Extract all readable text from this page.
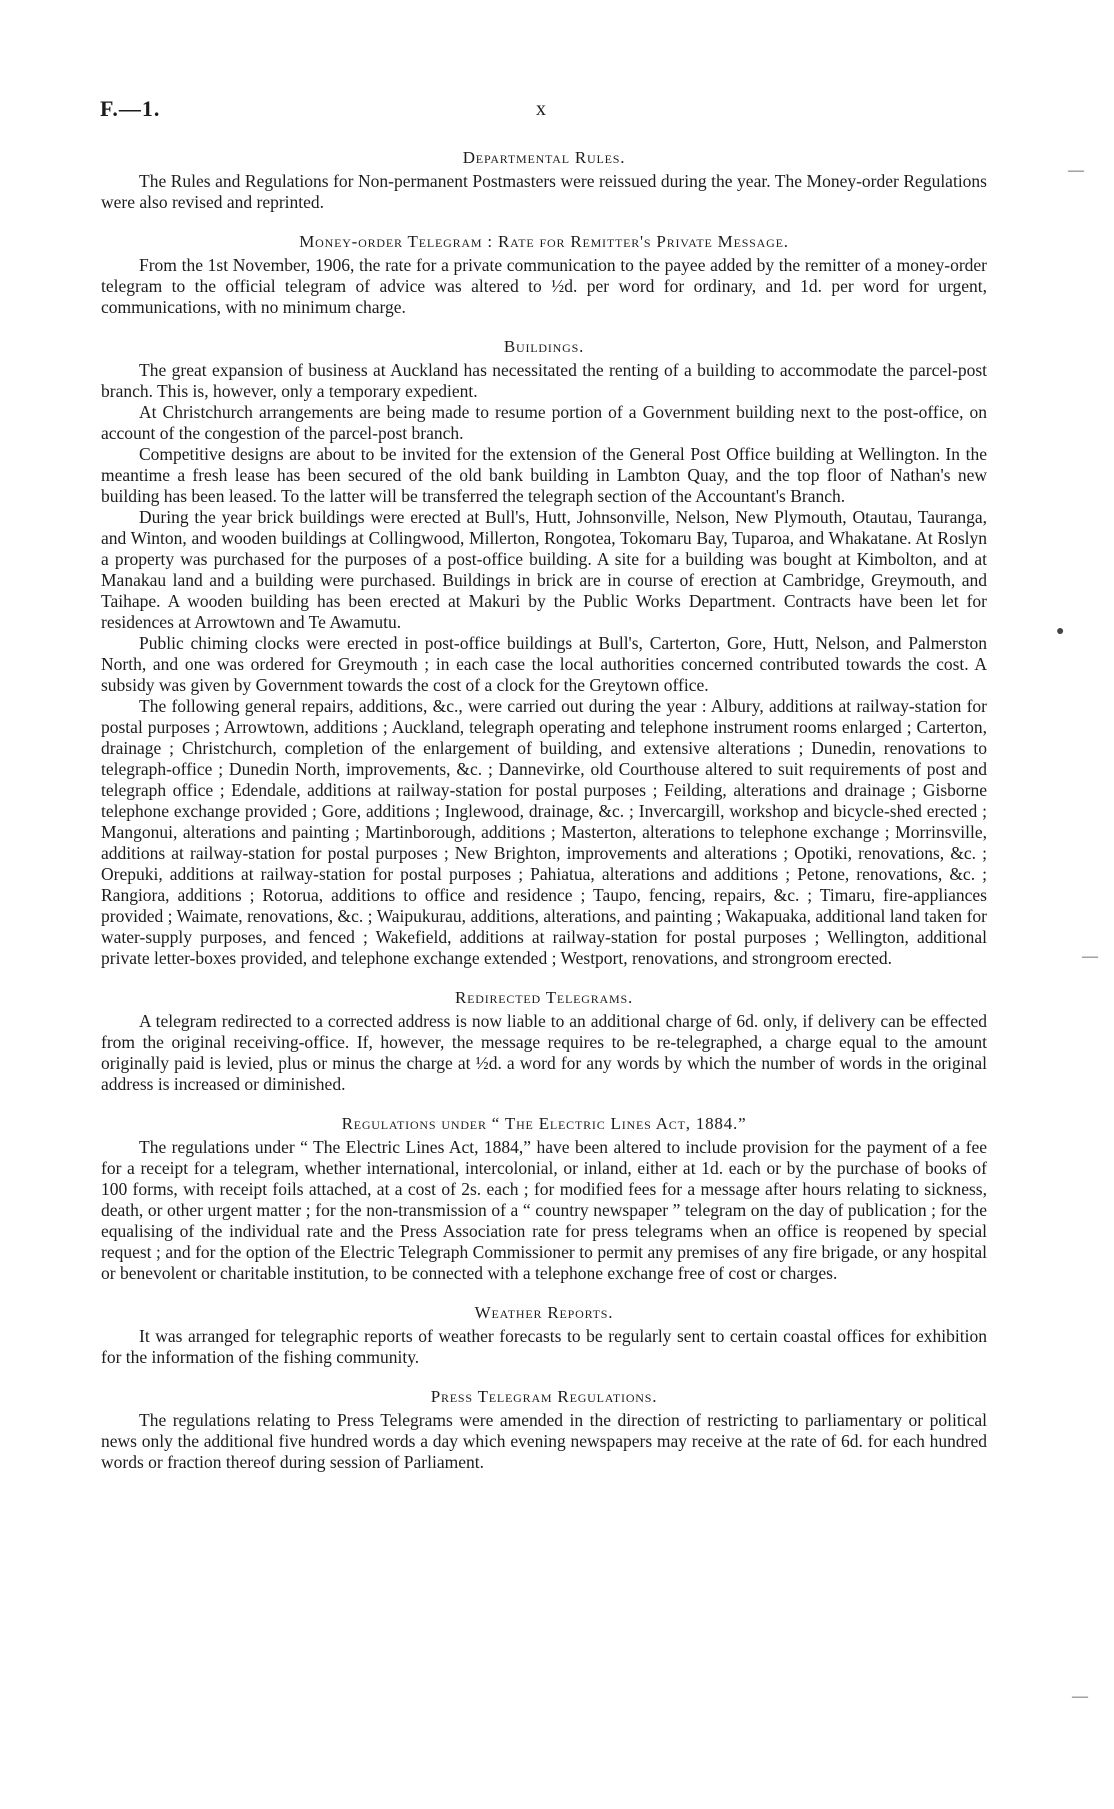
F.—1.	x
—
●
—
—
Departmental Rules.

The Rules and Regulations for Non-permanent Postmasters were reissued during the year. The Money-order Regulations were also revised and reprinted.

Money-order Telegram : Rate for Remitter's Private Message.

From the 1st November, 1906, the rate for a private communication to the payee added by the remitter of a money-order telegram to the official telegram of advice was altered to ½d. per word for ordinary, and 1d. per word for urgent, communications, with no minimum charge.

Buildings.

The great expansion of business at Auckland has necessitated the renting of a building to accommodate the parcel-post branch. This is, however, only a temporary expedient.

At Christchurch arrangements are being made to resume portion of a Government building next to the post-office, on account of the congestion of the parcel-post branch.

Competitive designs are about to be invited for the extension of the General Post Office building at Wellington. In the meantime a fresh lease has been secured of the old bank building in Lambton Quay, and the top floor of Nathan's new building has been leased. To the latter will be transferred the telegraph section of the Accountant's Branch.

During the year brick buildings were erected at Bull's, Hutt, Johnsonville, Nelson, New Plymouth, Otautau, Tauranga, and Winton, and wooden buildings at Collingwood, Millerton, Rongotea, Tokomaru Bay, Tuparoa, and Whakatane. At Roslyn a property was purchased for the purposes of a post-office building. A site for a building was bought at Kimbolton, and at Manakau land and a building were purchased. Buildings in brick are in course of erection at Cambridge, Greymouth, and Taihape. A wooden building has been erected at Makuri by the Public Works Department. Contracts have been let for residences at Arrowtown and Te Awamutu.

Public chiming clocks were erected in post-office buildings at Bull's, Carterton, Gore, Hutt, Nelson, and Palmerston North, and one was ordered for Greymouth ; in each case the local authorities concerned contributed towards the cost. A subsidy was given by Government towards the cost of a clock for the Greytown office.

The following general repairs, additions, &c., were carried out during the year : Albury, additions at railway-station for postal purposes ; Arrowtown, additions ; Auckland, telegraph operating and telephone instrument rooms enlarged ; Carterton, drainage ; Christchurch, completion of the enlargement of building, and extensive alterations ; Dunedin, renovations to telegraph-office ; Dunedin North, improvements, &c. ; Dannevirke, old Courthouse altered to suit requirements of post and telegraph office ; Edendale, additions at railway-station for postal purposes ; Feilding, alterations and drainage ; Gisborne telephone exchange provided ; Gore, additions ; Inglewood, drainage, &c. ; Invercargill, workshop and bicycle-shed erected ; Mangonui, alterations and painting ; Martinborough, additions ; Masterton, alterations to telephone exchange ; Morrinsville, additions at railway-station for postal purposes ; New Brighton, improvements and alterations ; Opotiki, renovations, &c. ; Orepuki, additions at railway-station for postal purposes ; Pahiatua, alterations and additions ; Petone, renovations, &c. ; Rangiora, additions ; Rotorua, additions to office and residence ; Taupo, fencing, repairs, &c. ; Timaru, fire-appliances provided ; Waimate, renovations, &c. ; Waipukurau, additions, alterations, and painting ; Wakapuaka, additional land taken for water-supply purposes, and fenced ; Wakefield, additions at railway-station for postal purposes ; Wellington, additional private letter-boxes provided, and telephone exchange extended ; Westport, renovations, and strongroom erected.

Redirected Telegrams.

A telegram redirected to a corrected address is now liable to an additional charge of 6d. only, if delivery can be effected from the original receiving-office. If, however, the message requires to be re-telegraphed, a charge equal to the amount originally paid is levied, plus or minus the charge at ½d. a word for any words by which the number of words in the original address is increased or diminished.

Regulations under “ The Electric Lines Act, 1884.”

The regulations under “ The Electric Lines Act, 1884,” have been altered to include provision for the payment of a fee for a receipt for a telegram, whether international, intercolonial, or inland, either at 1d. each or by the purchase of books of 100 forms, with receipt foils attached, at a cost of 2s. each ; for modified fees for a message after hours relating to sickness, death, or other urgent matter ; for the non-transmission of a “ country newspaper ” telegram on the day of publication ; for the equalising of the individual rate and the Press Association rate for press telegrams when an office is reopened by special request ; and for the option of the Electric Telegraph Commissioner to permit any premises of any fire brigade, or any hospital or benevolent or charitable institution, to be connected with a telephone exchange free of cost or charges.

Weather Reports.

It was arranged for telegraphic reports of weather forecasts to be regularly sent to certain coastal offices for exhibition for the information of the fishing community.

Press Telegram Regulations.

The regulations relating to Press Telegrams were amended in the direction of restricting to parliamentary or political news only the additional five hundred words a day which evening newspapers may receive at the rate of 6d. for each hundred words or fraction thereof during session of Parliament.
